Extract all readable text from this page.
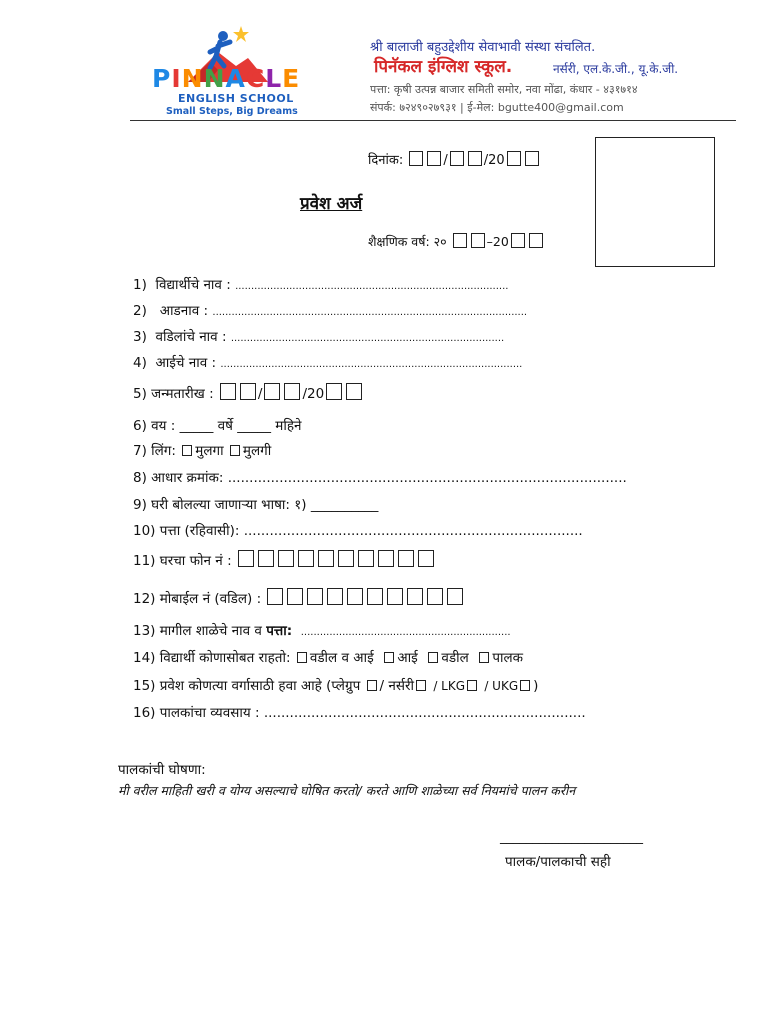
PINNACLE
ENGLISH SCHOOL
Small Steps, Big Dreams
श्री बालाजी बहुउद्देशीय सेवाभावी संस्था संचलित.
पिनॅकल इंग्लिश स्कूल.	नर्सरी, एल.के.जी., यू.के.जी.
पत्ता: कृषी उत्पन्न बाजार समिती समोर, नवा मोंढा, कंधार - ४३१७१४
संपर्क: ७२४९०२७९३१ | ई-मेल: bgutte400@gmail.com
दिनांक:	/	/20
प्रवेश अर्ज
शैक्षणिक वर्ष: २०	–20
1) विद्यार्थीचे नाव : ......................................................................................
2) आडनाव : ...................................................................................................
3) वडिलांचे नाव : ......................................................................................
4) आईचे नाव : ...............................................................................................
5) जन्मतारीख :	/	/20
6) वय : _____ वर्षे _____ महिने
7) लिंग: मुलगा मुलगी
8) आधार क्रमांक: .............................................................................................
9) घरी बोलल्या जाणाऱ्या भाषा: १) __________
10) पत्ता (रहिवासी): ...............................................................................
11) घरचा फोन नं :
12) मोबाईल नं (वडिल) :
13) मागील शाळेचे नाव व पत्ता: ..................................................................
14) विद्यार्थी कोणासोबत राहतो: वडील व आई आई वडील पालक
15) प्रवेश कोणत्या वर्गासाठी हवा आहे (प्लेग्रुप / नर्सरी / LKG / UKG )
16) पालकांचा व्यवसाय : ...........................................................................
पालकांची घोषणा:
मी वरील माहिती खरी व योग्य असल्याचे घोषित करतो/ करते आणि शाळेच्या सर्व नियमांचे पालन करीन
______________________
पालक/पालकाची सही
